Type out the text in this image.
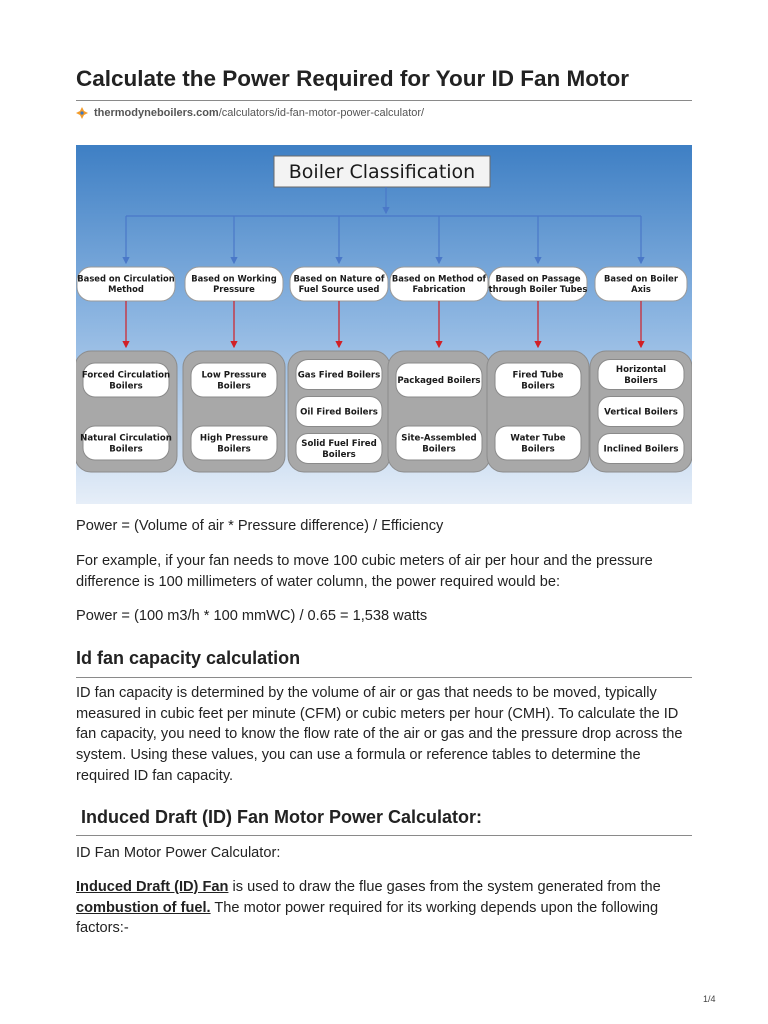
Calculate the Power Required for Your ID Fan Motor
thermodyneboilers.com /calculators/id-fan-motor-power-calculator/
Boiler Classification
Based on Circulation Method
Forced Circulation Boilers
Natural Circulation Boilers
Based on Working Pressure
Low Pressure Boilers
High Pressure Boilers
Based on Nature of Fuel Source used
Gas Fired Boilers
Oil Fired Boilers
Solid Fuel Fired Boilers
Based on Method of Fabrication
Packaged Boilers
Site-Assembled Boilers
Based on Passage through Boiler Tubes
Fired Tube Boilers
Water Tube Boilers
Based on Boiler Axis
Horizontal Boilers
Vertical Boilers
Inclined Boilers

Power = (Volume of air * Pressure difference) / Efficiency

For example, if your fan needs to move 100 cubic meters of air per hour and the pressure difference is 100 millimeters of water column, the power required would be:

Power = (100 m3/h * 100 mmWC) / 0.65 = 1,538 watts

Id fan capacity calculation

ID fan capacity is determined by the volume of air or gas that needs to be moved, typically measured in cubic feet per minute (CFM) or cubic meters per hour (CMH). To calculate the ID fan capacity, you need to know the flow rate of the air or gas and the pressure drop across the system. Using these values, you can use a formula or reference tables to determine the required ID fan capacity.

Induced Draft (ID) Fan Motor Power Calculator:

ID Fan Motor Power Calculator:

Induced Draft (ID) Fan is used to draw the flue gases from the system generated from the combustion of fuel. The motor power required for its working depends upon the following factors:-

1/4
